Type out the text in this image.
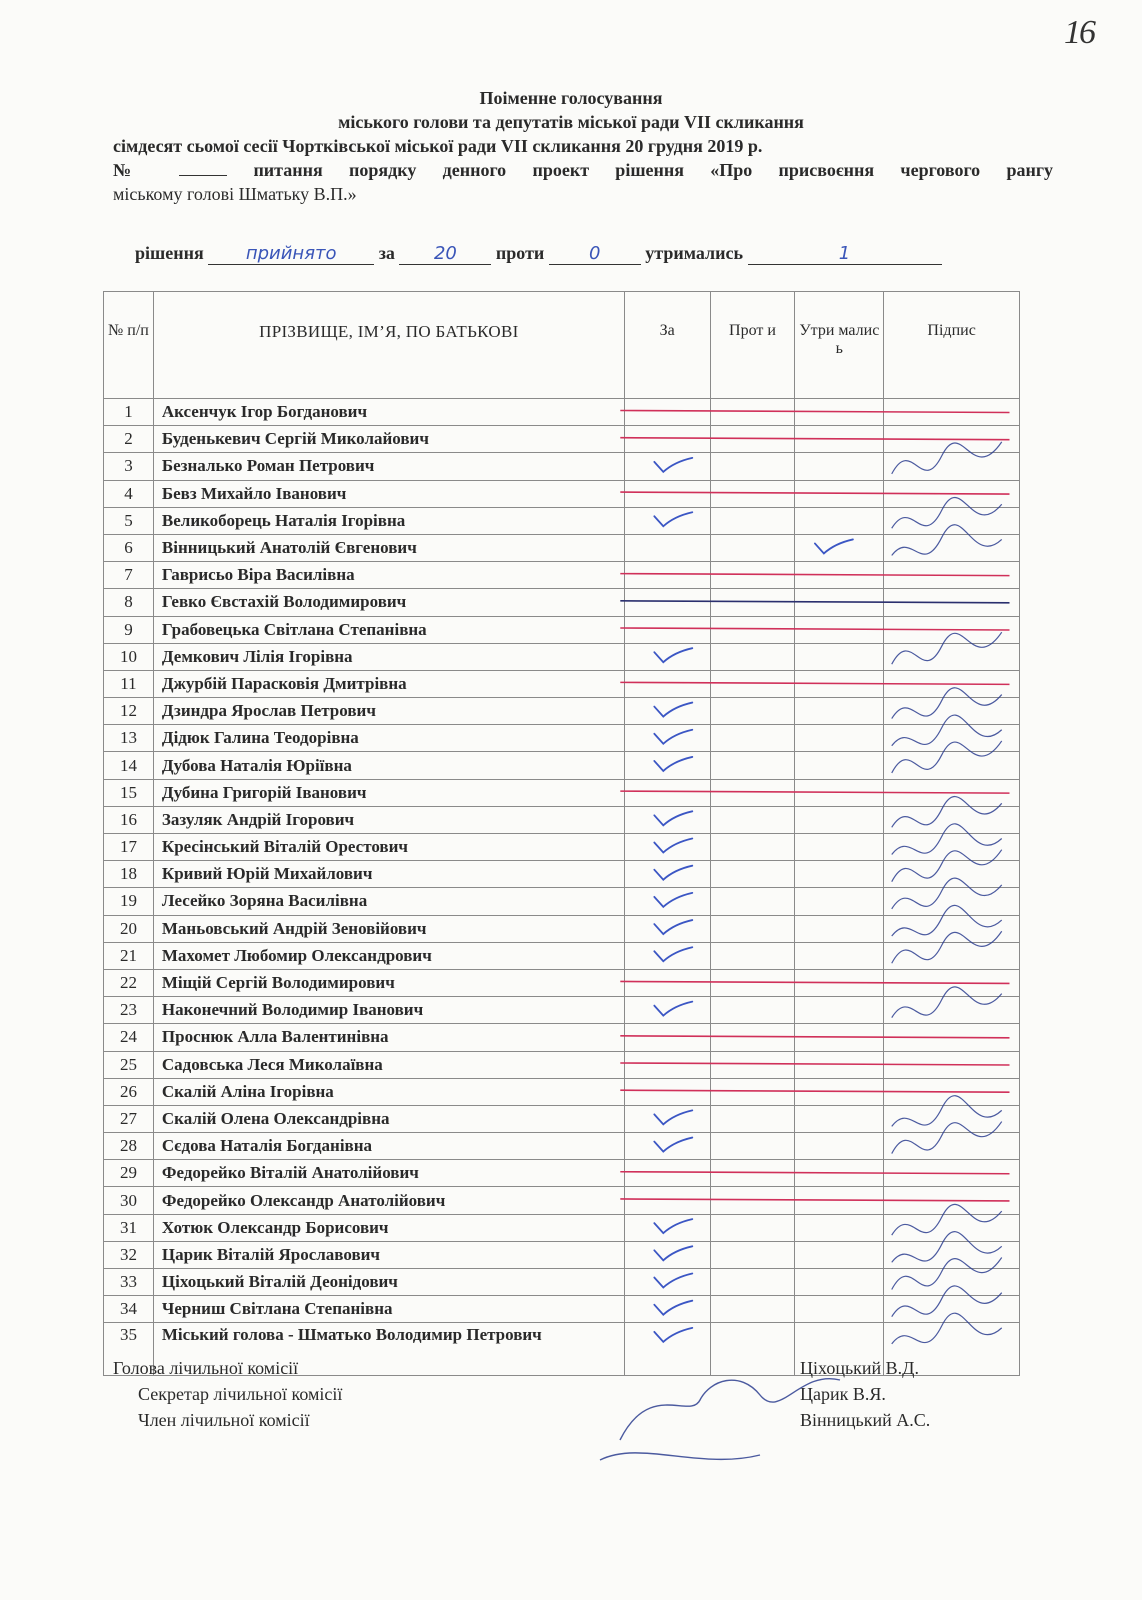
16
Поіменне голосування
міського голови та депутатів міської ради VII скликання
сімдесят сьомої сесії Чортківської міської ради VII скликання 20 грудня 2019 р.
№	питання порядку денного проект рішення «Про присвоєння чергового рангу
міському голові Шматьку В.П.»
рішення прийнято за 20 проти 0 утримались	1
№ п/п	ПРІЗВИЩЕ, ІМ’Я, ПО БАТЬКОВІ	За	Прот и	Утри малис ь	Підпис
1	Аксенчук Ігор Богданович				
2	Буденькевич Сергій Миколайович				
3	Безналько Роман Петрович				
4	Бевз Михайло Іванович				
5	Великоборець Наталія Ігорівна				
6	Вінницький Анатолій Євгенович				
7	Гаврисьо Віра Василівна				
8	Гевко Євстахій Володимирович				
9	Грабовецька Світлана Степанівна				
10	Демкович Лілія Ігорівна				
11	Джурбій Парасковія Дмитрівна				
12	Дзиндра Ярослав Петрович				
13	Дідюк Галина Теодорівна				
14	Дубова Наталія Юріївна				
15	Дубина Григорій Іванович				
16	Зазуляк Андрій Ігорович				
17	Кресінський Віталій Орестович				
18	Кривий Юрій Михайлович				
19	Лесейко Зоряна Василівна				
20	Маньовський Андрій Зеновійович				
21	Махомет Любомир Олександрович				
22	Міщій Сергій Володимирович				
23	Наконечний Володимир Іванович				
24	Проснюк Алла Валентинівна				
25	Садовська Леся Миколаївна				
26	Скалій Аліна Ігорівна				
27	Скалій Олена Олександрівна				
28	Сєдова Наталія Богданівна				
29	Федорейко Віталій Анатолійович				
30	Федорейко Олександр Анатолійович				
31	Хотюк Олександр Борисович				
32	Царик Віталій Ярославович				
33	Ціхоцький Віталій Деонідович				
34	Черниш Світлана Степанівна				
35	Міський голова - Шматько Володимир Петрович				
Голова лічильної комісії
Секретар лічильної комісії
Член лічильної комісії
Ціхоцький В.Д.
Царик В.Я.
Вінницький А.С.
